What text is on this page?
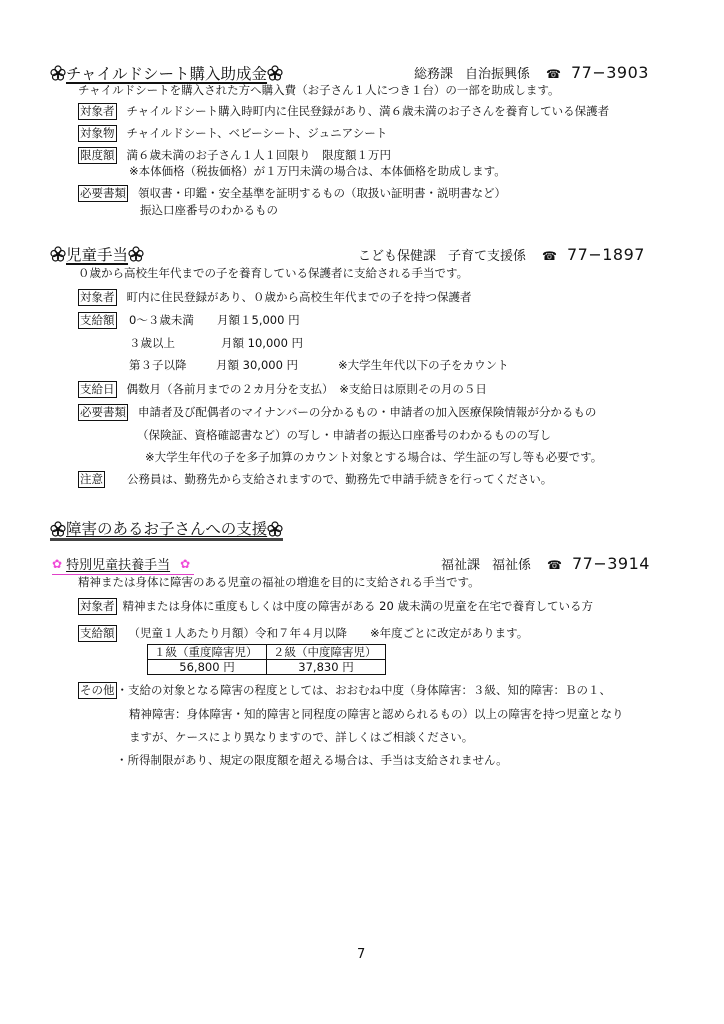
チャイルドシート購入助成金	総務課 自治振興係 ☎ 77−3903
チャイルドシートを購入された方へ購入費（お子さん１人につき１台）の一部を助成します。
対象者 チャイルドシート購入時町内に住民登録があり、満６歳未満のお子さんを養育している保護者
対象物 チャイルドシート、ベビーシート、ジュニアシート
限度額 満６歳未満のお子さん１人１回限り　限度額１万円
※本体価格（税抜価格）が１万円未満の場合は、本体価格を助成します。
必要書類 領収書・印鑑・安全基準を証明するもの（取扱い証明書・説明書など）
振込口座番号のわかるもの
児童手当	こども保健課 子育て支援係 ☎ 77−1897
０歳から高校生年代までの子を養育している保護者に支給される手当です。
対象者 町内に住民登録があり、０歳から高校生年代までの子を持つ保護者
支給額	0〜３歳未満 月額１5,000 円
３歳以上	月額 10,000 円
第３子以降	月額 30,000 円	※大学生年代以下の子をカウント
支給日 偶数月（各前月までの２カ月分を支払）　※支給日は原則その月の５日
必要書類 申請者及び配偶者のマイナンバーの分かるもの・申請者の加入医療保険情報が分かるもの
（保険証、資格確認書など）の写し・申請者の振込口座番号のわかるものの写し
※大学生年代の子を多子加算のカウント対象とする場合は、学生証の写し等も必要です。
注意 公務員は、勤務先から支給されますので、勤務先で申請手続きを行ってください。
障害のあるお子さんへの支援
✿ 特別児童扶養手当 ✿	福祉課 福祉係 ☎ 77−3914
精神または身体に障害のある児童の福祉の増進を目的に支給される手当です。
対象者 精神または身体に重度もしくは中度の障害がある 20 歳未満の児童を在宅で養育している方
支給額 （児童１人あたり月額）令和７年４月以降　　※年度ごとに改定があります。
１級（重度障害児）	２級（中度障害児）
56,800 円	37,830 円
その他 ・支給の対象となる障害の程度としては、おおむね中度（身体障害：３級、知的障害：Ｂの１、
精神障害：身体障害・知的障害と同程度の障害と認められるもの）以上の障害を持つ児童となり
ますが、ケースにより異なりますので、詳しくはご相談ください。
・所得制限があり、規定の限度額を超える場合は、手当は支給されません。
7
